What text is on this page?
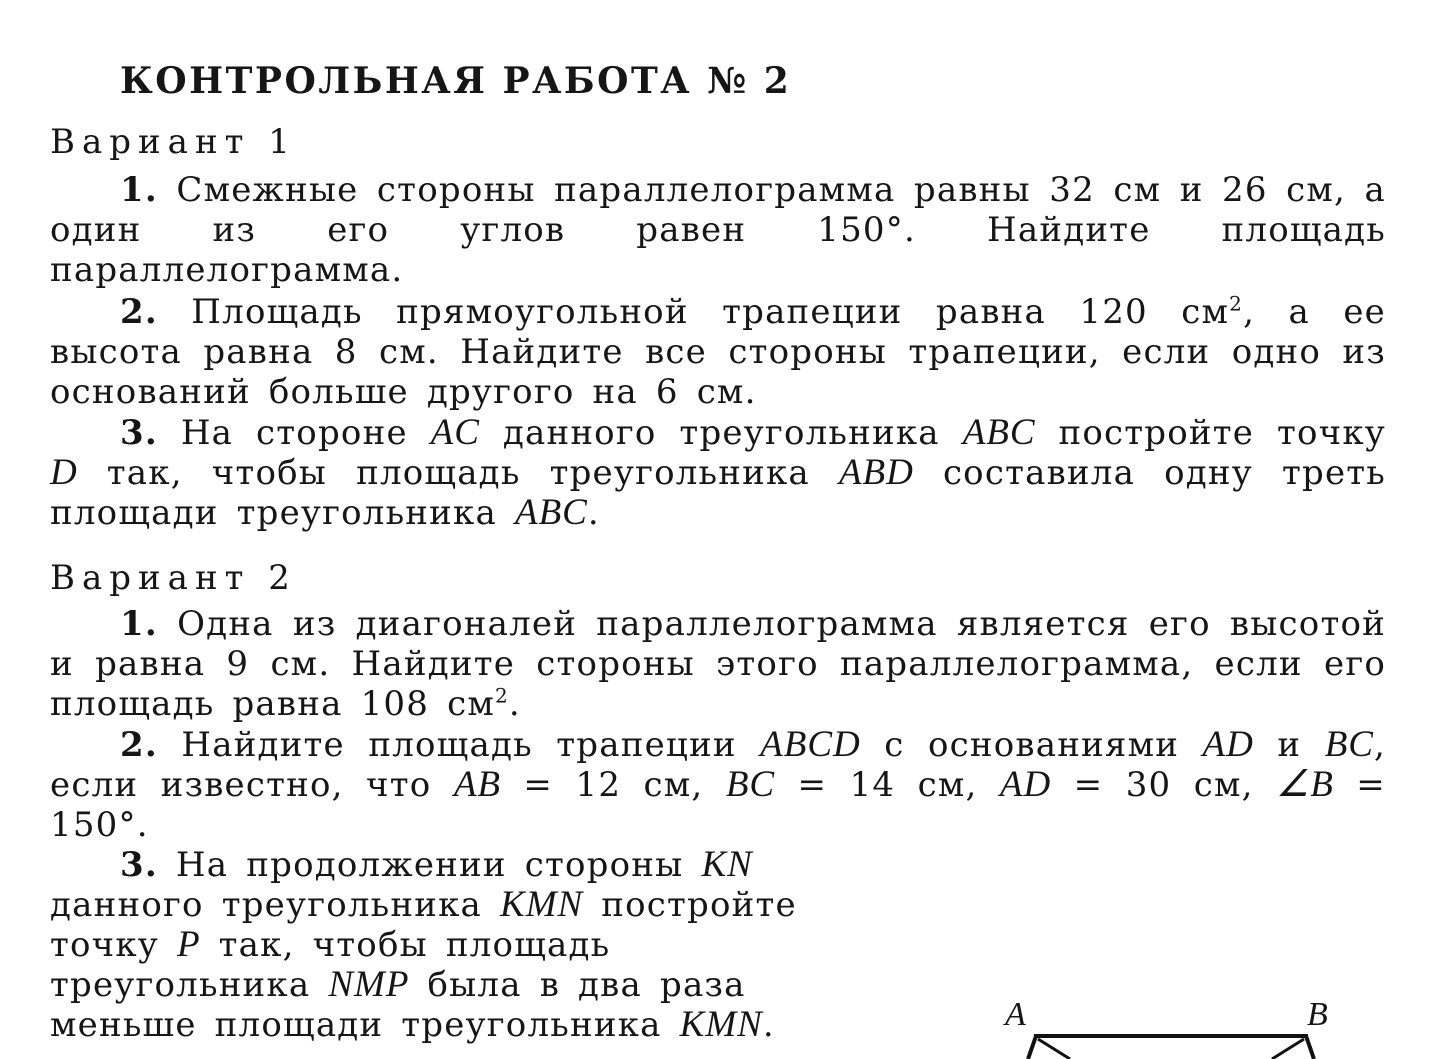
КОНТРОЛЬНАЯ РАБОТА № 2

Вариант 1

1. Смежные стороны параллелограмма равны 32 см и 26 см, а один из его углов равен 150°. Найдите площадь параллелограмма.

2. Площадь прямоугольной трапеции равна 120 $см^2$, а ее высота равна 8 см. Найдите все стороны трапеции, если одно из оснований больше другого на 6 см.

3. На стороне AC данного треугольника ABC постройте точку D так, чтобы площадь треугольника ABD составила одну треть площади треугольника ABC.

Вариант 2

1. Одна из диагоналей параллелограмма является его высотой и равна 9 см. Найдите стороны этого параллелограмма, если его площадь равна 108 $см^2$.

2. Найдите площадь трапеции ABCD с основаниями AD и BC, если известно, что AB = 12 см, BC = 14 см, AD = 30 см, ∠B = 150°.

3. На продолжении стороны KN данного треугольника KMN постройте точку P так, чтобы площадь треугольника NMP была в два раза меньше площади треугольника KMN.	A	B
